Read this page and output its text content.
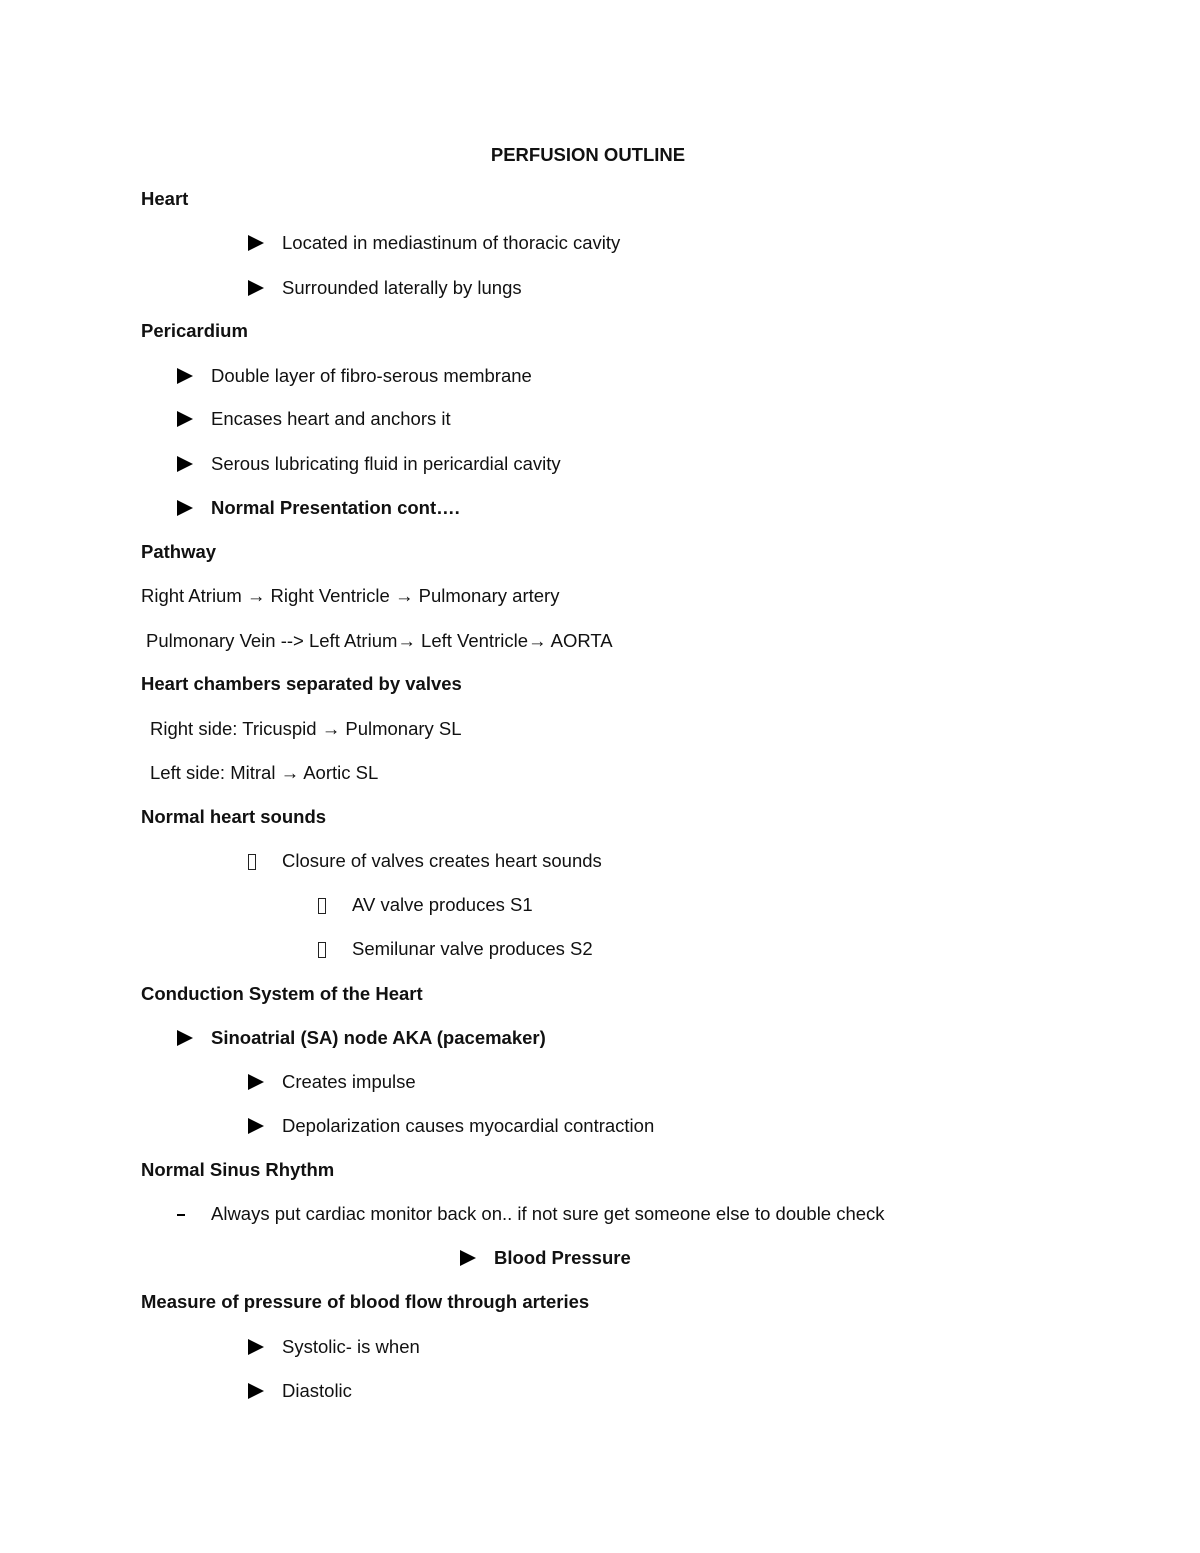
PERFUSION OUTLINE
Heart
Located in mediastinum of thoracic cavity
Surrounded laterally by lungs
Pericardium
Double layer of fibro-serous membrane
Encases heart and anchors it
Serous lubricating fluid in pericardial cavity
Normal Presentation cont….
Pathway
Right Atrium → Right Ventricle → Pulmonary artery
Pulmonary Vein --> Left Atrium→ Left Ventricle→ AORTA
Heart chambers separated by valves
Right side: Tricuspid → Pulmonary SL
Left side: Mitral → Aortic SL
Normal heart sounds
Closure of valves creates heart sounds
AV valve produces S1
Semilunar valve produces S2
Conduction System of the Heart
Sinoatrial (SA) node AKA (pacemaker)
Creates impulse
Depolarization causes myocardial contraction
Normal Sinus Rhythm
Always put cardiac monitor back on.. if not sure get someone else to double check
Blood Pressure
Measure of pressure of blood flow through arteries
Systolic- is when
Diastolic
